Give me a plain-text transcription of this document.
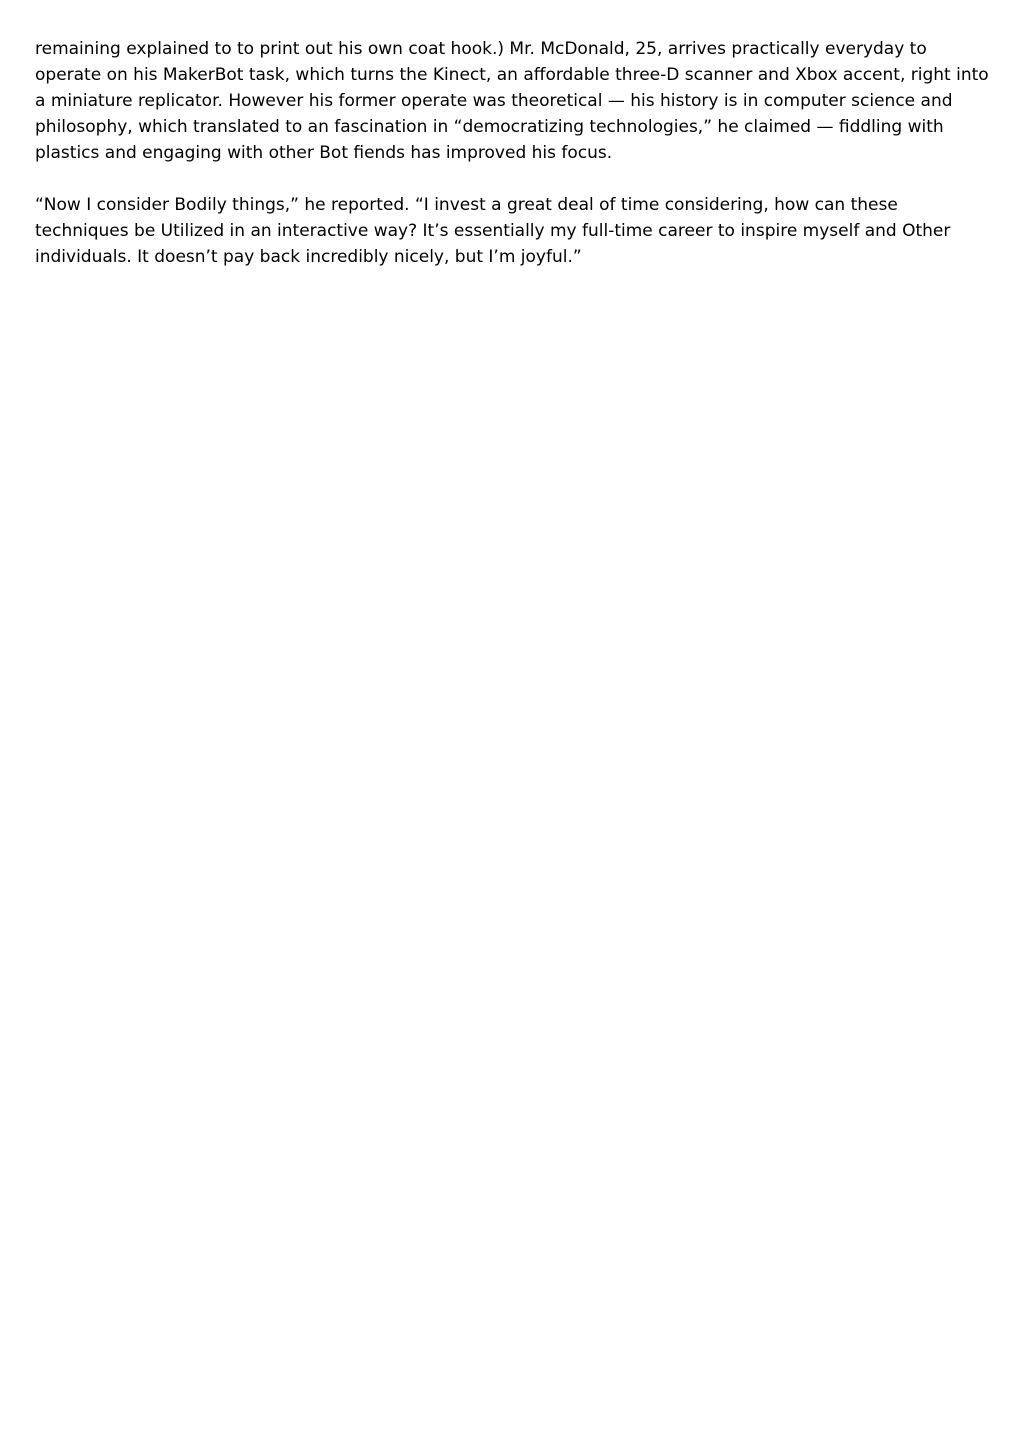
remaining explained to to print out his own coat hook.) Mr. McDonald, 25, arrives practically everyday to operate on his MakerBot task, which turns the Kinect, an affordable three-D scanner and Xbox accent, right into a miniature replicator. However his former operate was theoretical — his history is in computer science and philosophy, which translated to an fascination in “democratizing technologies,” he claimed — fiddling with plastics and engaging with other Bot fiends has improved his focus.

“Now I consider Bodily things,” he reported. “I invest a great deal of time considering, how can these techniques be Utilized in an interactive way? It’s essentially my full-time career to inspire myself and Other individuals. It doesn’t pay back incredibly nicely, but I’m joyful.”
